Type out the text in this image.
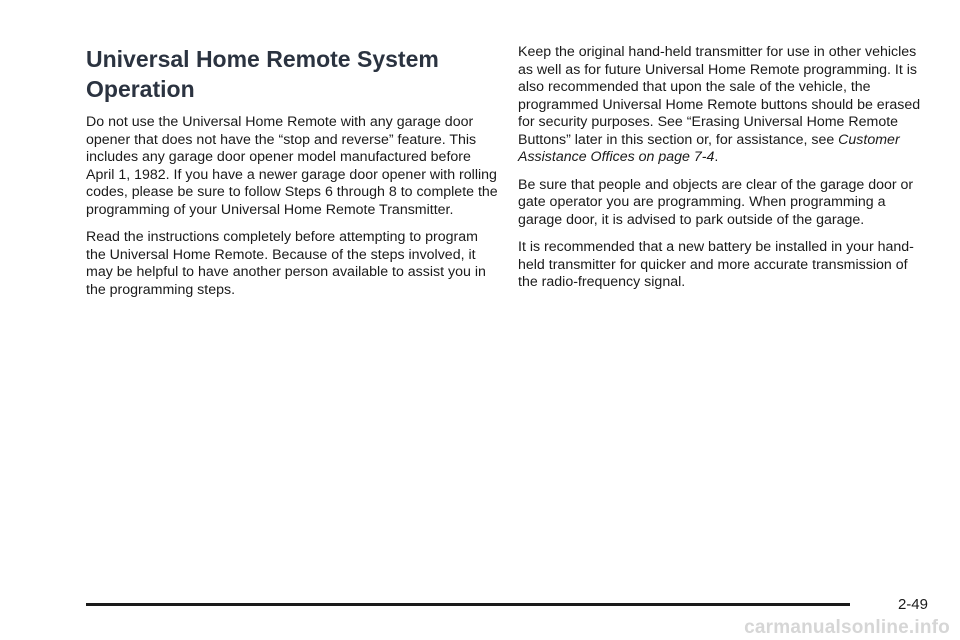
Universal Home Remote System Operation

Do not use the Universal Home Remote with any garage door opener that does not have the “stop and reverse” feature. This includes any garage door opener model manufactured before April 1, 1982. If you have a newer garage door opener with rolling codes, please be sure to follow Steps 6 through 8 to complete the programming of your Universal Home Remote Transmitter.

Read the instructions completely before attempting to program the Universal Home Remote. Because of the steps involved, it may be helpful to have another person available to assist you in the programming steps.

Keep the original hand-held transmitter for use in other vehicles as well as for future Universal Home Remote programming. It is also recommended that upon the sale of the vehicle, the programmed Universal Home Remote buttons should be erased for security purposes. See “Erasing Universal Home Remote Buttons” later in this section or, for assistance, see Customer Assistance Offices on page 7-4.

Be sure that people and objects are clear of the garage door or gate operator you are programming. When programming a garage door, it is advised to park outside of the garage.

It is recommended that a new battery be installed in your hand-held transmitter for quicker and more accurate transmission of the radio-frequency signal.

2-49
carmanualsonline.info
